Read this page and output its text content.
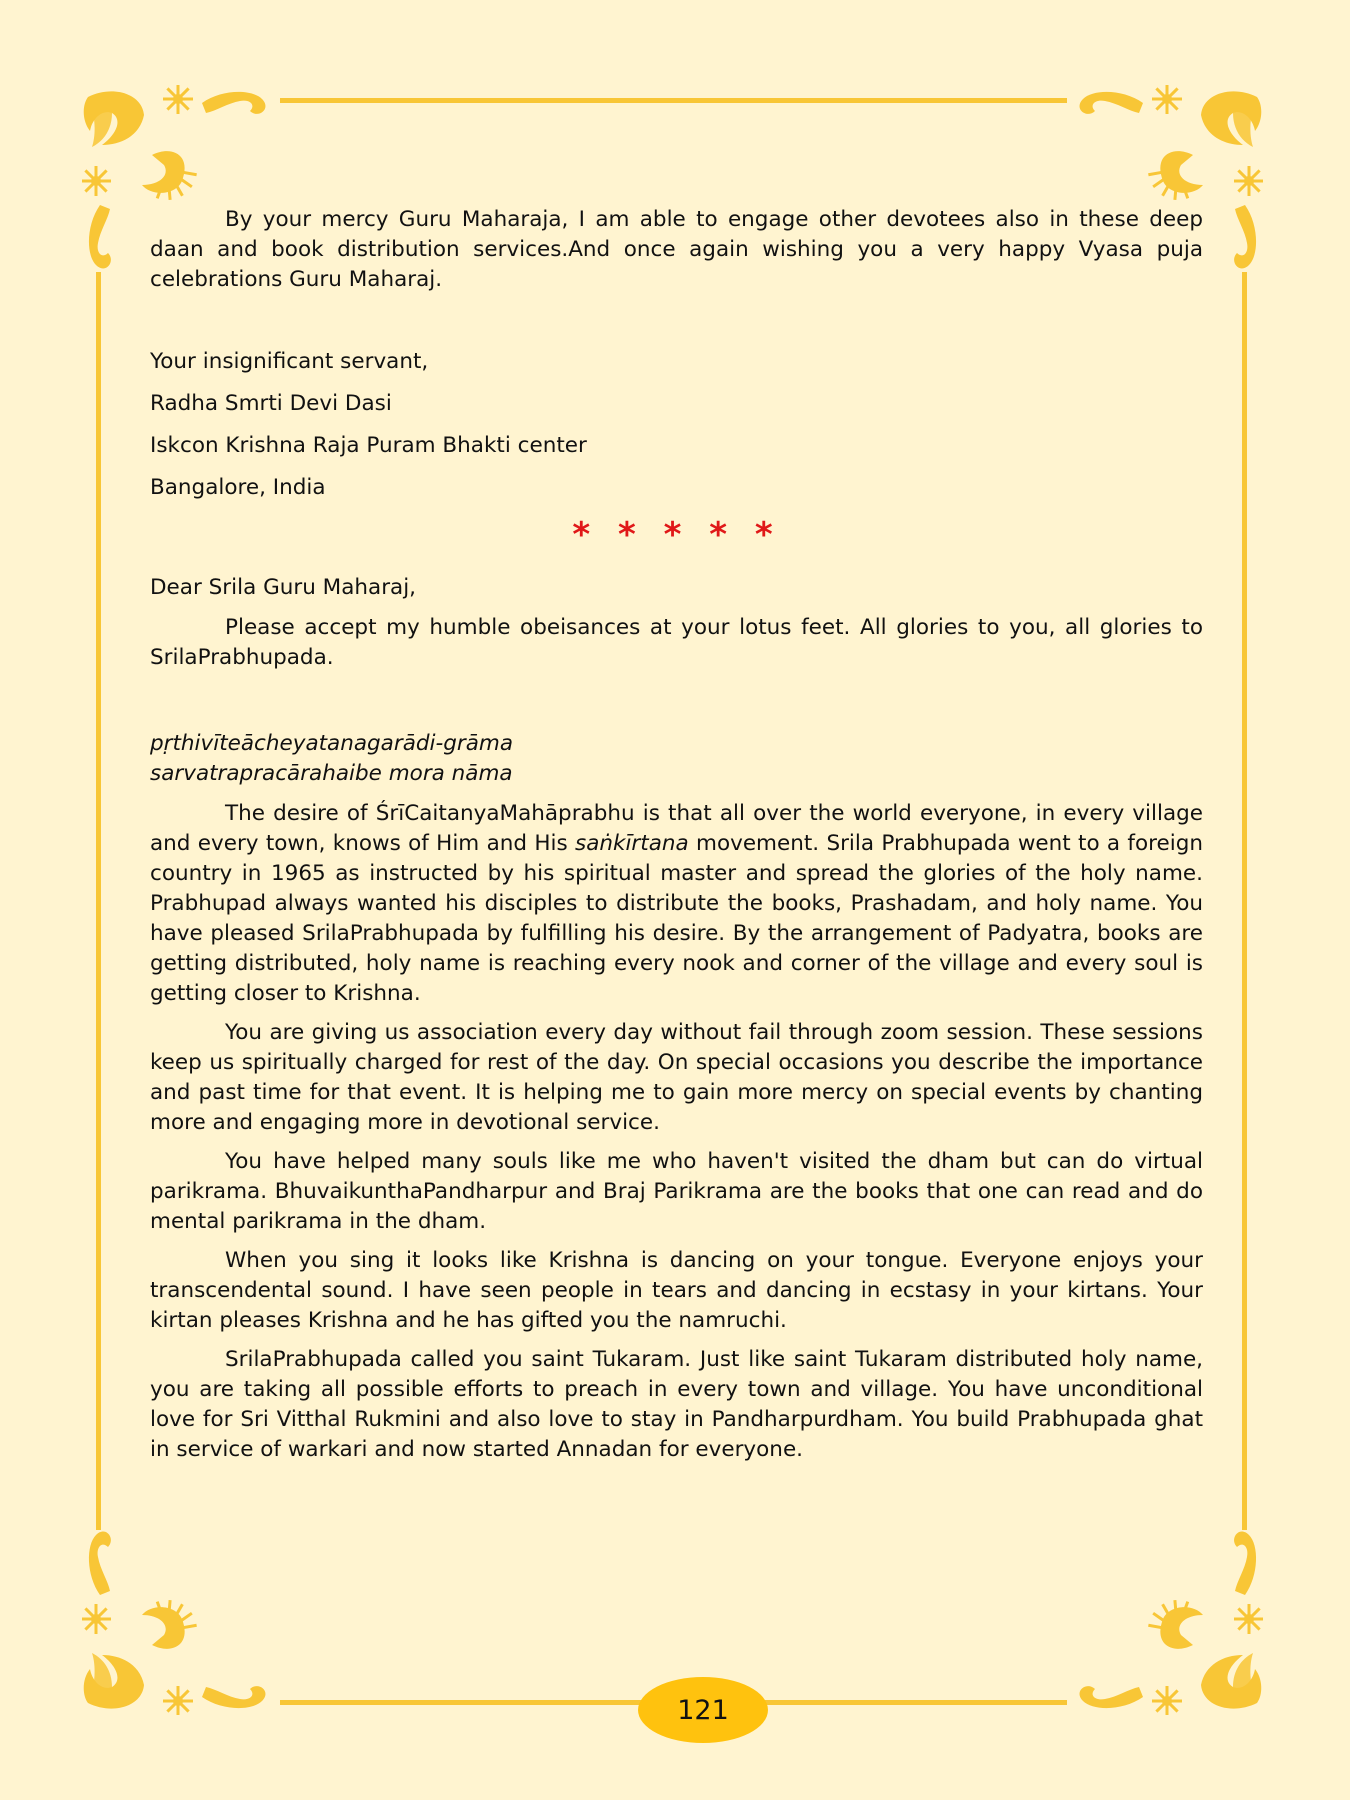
By your mercy Guru Maharaja, I am able to engage other devotees also in these deep daan and book distribution services.And once again wishing you a very happy Vyasa puja celebrations Guru Maharaj.

Your insignificant servant,

Radha Smrti Devi Dasi

Iskcon Krishna Raja Puram Bhakti center

Bangalore, India

* * * * *

Dear Srila Guru Maharaj,

Please accept my humble obeisances at your lotus feet. All glories to you, all glories to SrilaPrabhupada.

pṛthivīteācheyatanagarādi-grāma
sarvatrapracārahaibe mora nāma

The desire of ŚrīCaitanyaMahāprabhu is that all over the world everyone, in every village and every town, knows of Him and His saṅkīrtana movement. Srila Prabhupada went to a foreign country in 1965 as instructed by his spiritual master and spread the glories of the holy name. Prabhupad always wanted his disciples to distribute the books, Prashadam, and holy name. You have pleased SrilaPrabhupada by fulfilling his desire. By the arrangement of Padyatra, books are getting distributed, holy name is reaching every nook and corner of the village and every soul is getting closer to Krishna.

You are giving us association every day without fail through zoom session. These sessions keep us spiritually charged for rest of the day. On special occasions you describe the importance and past time for that event. It is helping me to gain more mercy on special events by chanting more and engaging more in devotional service.

You have helped many souls like me who haven't visited the dham but can do virtual parikrama. BhuvaikunthaPandharpur and Braj Parikrama are the books that one can read and do mental parikrama in the dham.

When you sing it looks like Krishna is dancing on your tongue. Everyone enjoys your transcendental sound. I have seen people in tears and dancing in ecstasy in your kirtans. Your kirtan pleases Krishna and he has gifted you the namruchi.

SrilaPrabhupada called you saint Tukaram. Just like saint Tukaram distributed holy name, you are taking all possible efforts to preach in every town and village. You have unconditional love for Sri Vitthal Rukmini and also love to stay in Pandharpurdham. You build Prabhupada ghat in service of warkari and now started Annadan for everyone.

121
